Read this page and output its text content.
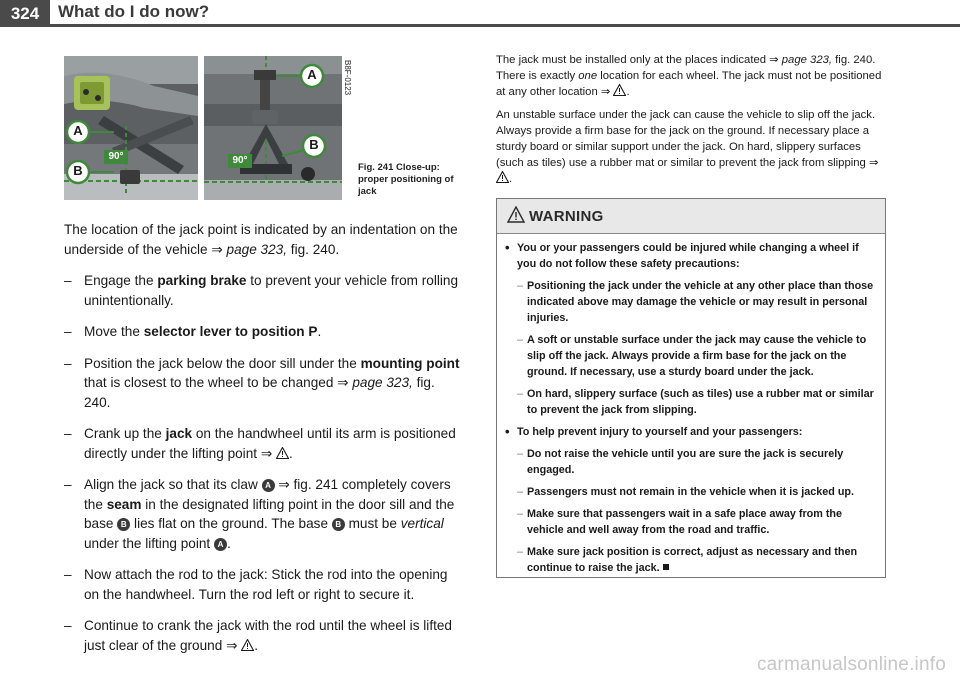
324	What do I do now?
A
B
90°
A
B
90°
B8F-0123
Fig. 241 Close-up: proper positioning of jack

The location of the jack point is indicated by an indentation on the underside of the vehicle ⇒ page 323, fig. 240.

– Engage the parking brake to prevent your vehicle from rolling unintentionally.
– Move the selector lever to position P.
– Position the jack below the door sill under the mounting point that is closest to the wheel to be changed ⇒ page 323, fig. 240.
– Crank up the jack on the handwheel until its arm is positioned directly under the lifting point ⇒ .
– Align the jack so that its claw A ⇒ fig. 241 completely covers the seam in the designated lifting point in the door sill and the base B lies flat on the ground. The base B must be vertical under the lifting point A .
– Now attach the rod to the jack: Stick the rod into the opening on the handwheel. Turn the rod left or right to secure it.
– Continue to crank the jack with the rod until the wheel is lifted just clear of the ground ⇒ .

The jack must be installed only at the places indicated ⇒ page 323, fig. 240. There is exactly one location for each wheel. The jack must not be positioned at any other location ⇒ .

An unstable surface under the jack can cause the vehicle to slip off the jack. Always provide a firm base for the jack on the ground. If necessary place a sturdy board or similar support under the jack. On hard, slippery surfaces (such as tiles) use a rubber mat or similar to prevent the jack from slipping ⇒ .

WARNING
• You or your passengers could be injured while changing a wheel if you do not follow these safety precautions:
– Positioning the jack under the vehicle at any other place than those indicated above may damage the vehicle or may result in personal injuries.
– A soft or unstable surface under the jack may cause the vehicle to slip off the jack. Always provide a firm base for the jack on the ground. If necessary, use a sturdy board under the jack.
– On hard, slippery surface (such as tiles) use a rubber mat or similar to prevent the jack from slipping.
• To help prevent injury to yourself and your passengers:
– Do not raise the vehicle until you are sure the jack is securely engaged.
– Passengers must not remain in the vehicle when it is jacked up.
– Make sure that passengers wait in a safe place away from the vehicle and well away from the road and traffic.
– Make sure jack position is correct, adjust as necessary and then continue to raise the jack.
carmanualsonline.info
